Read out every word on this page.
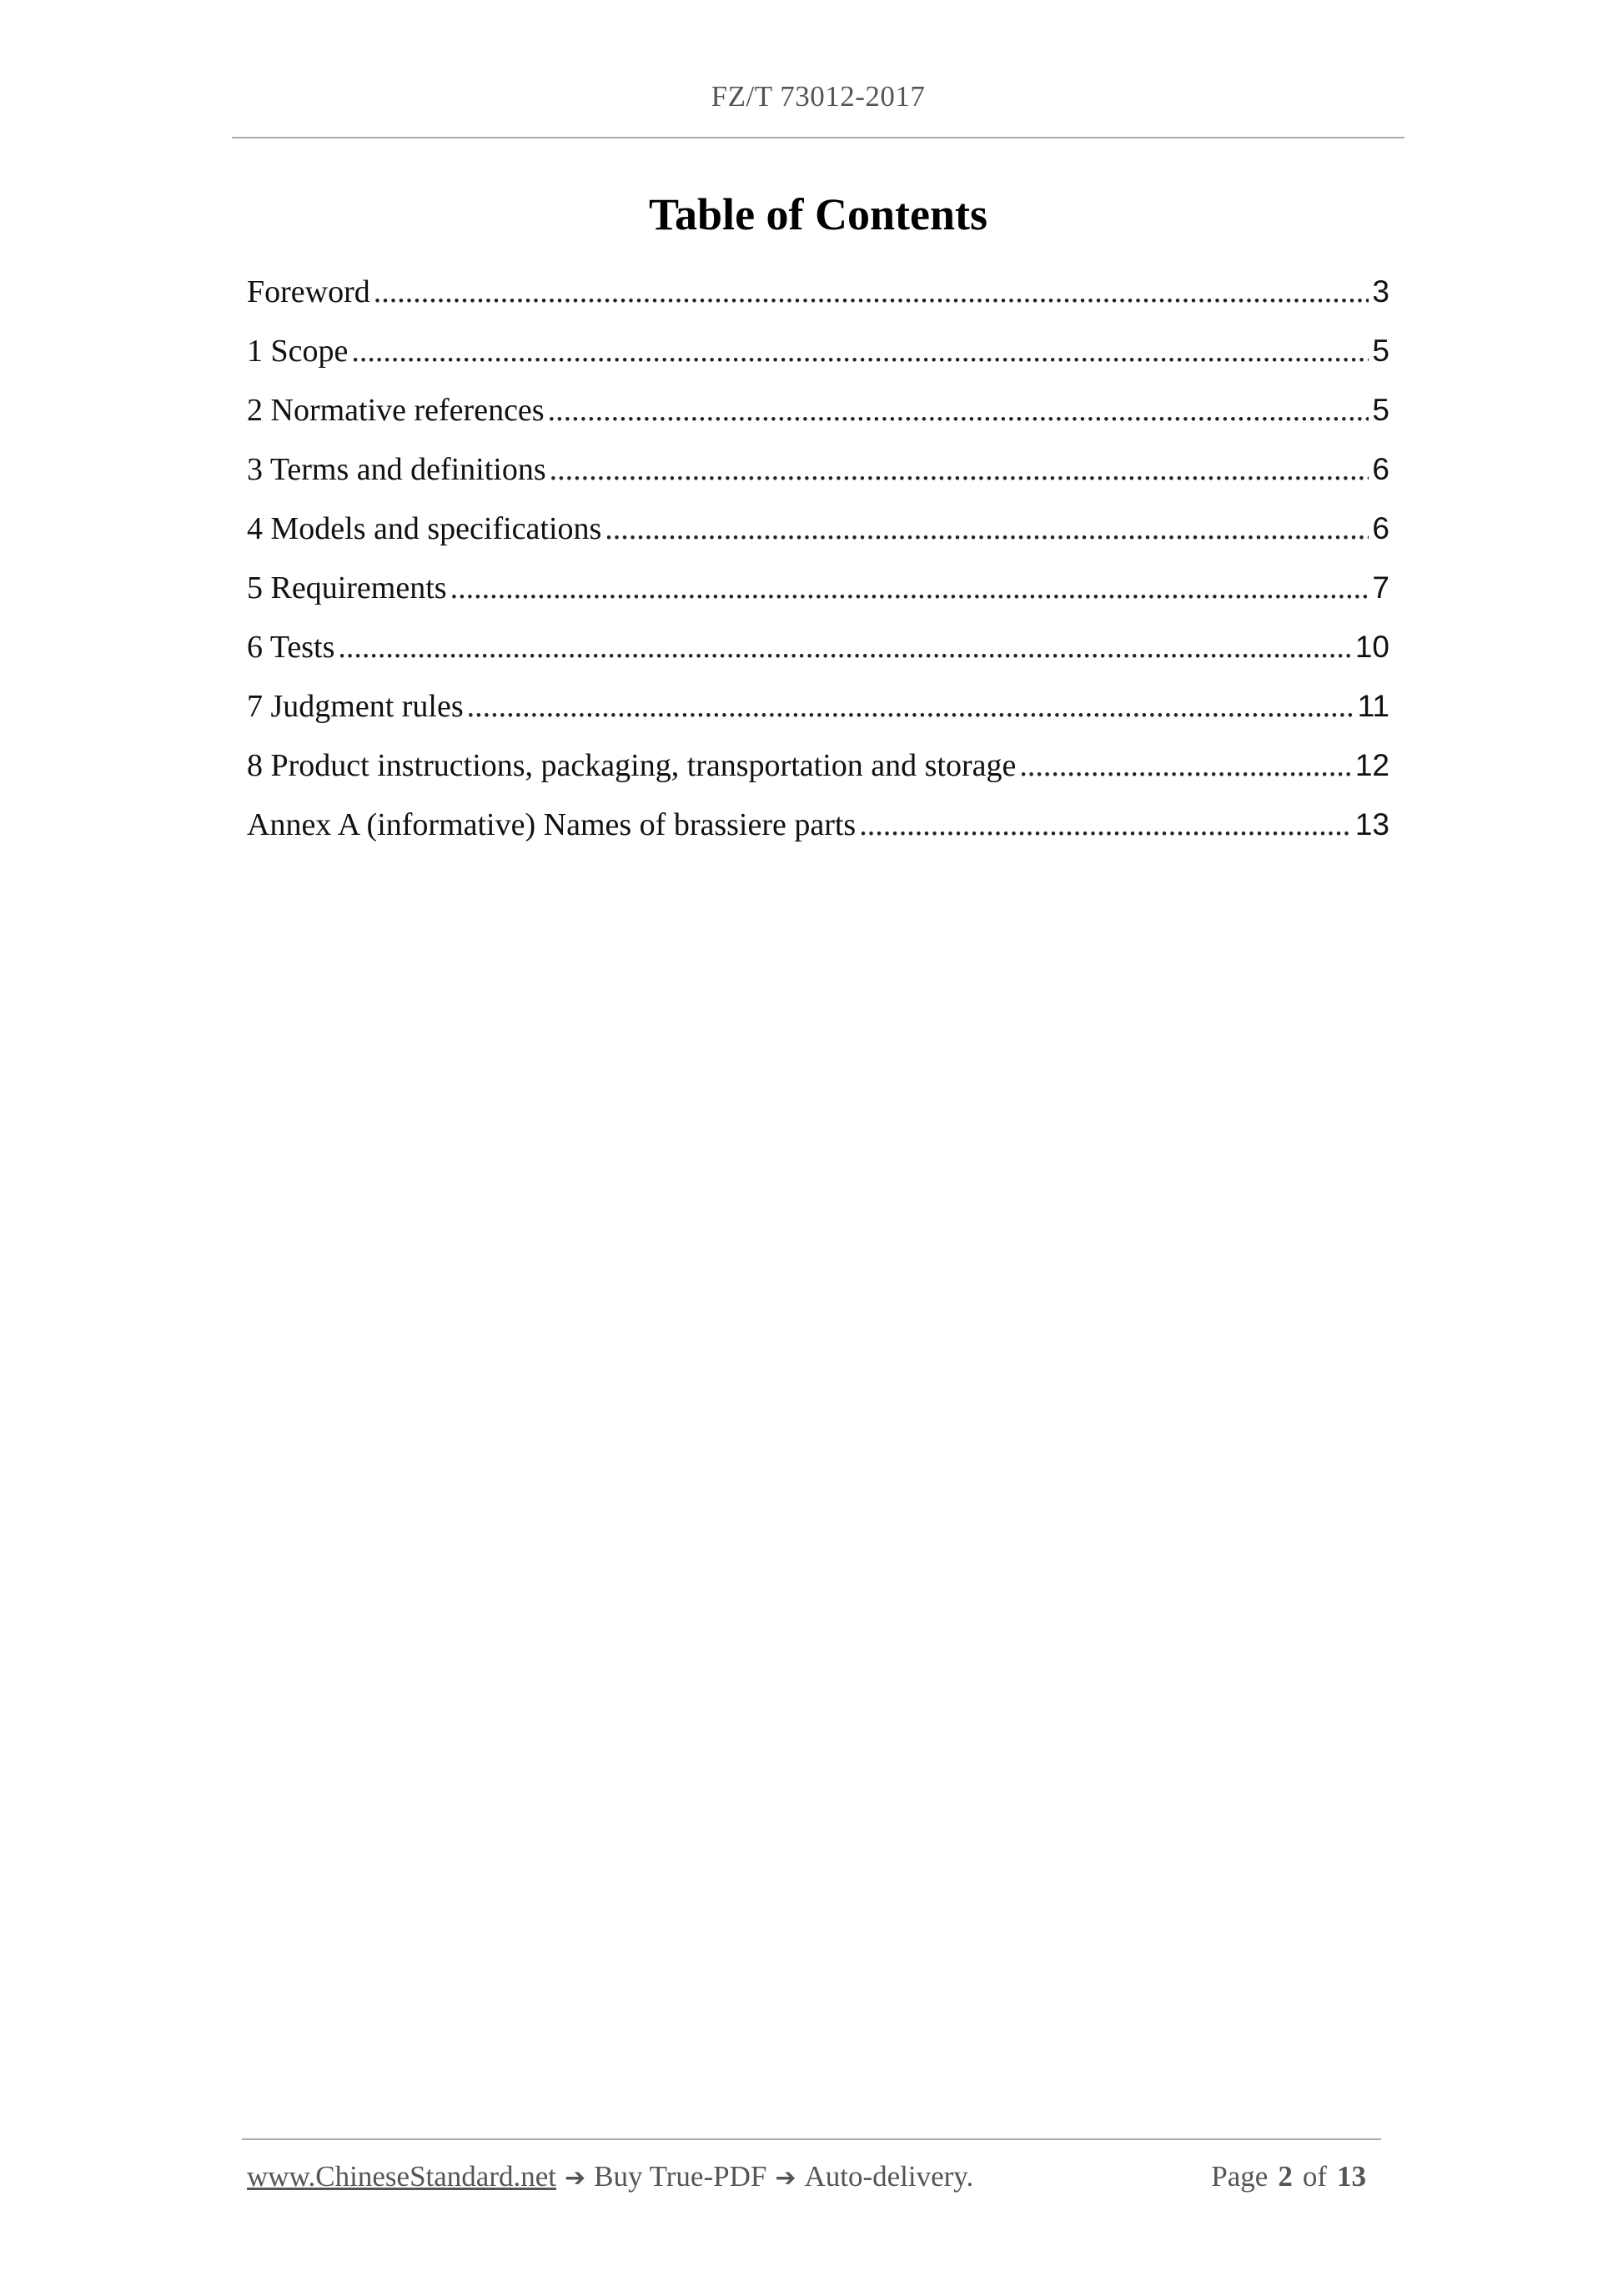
FZ/T 73012-2017
Table of Contents
Foreword .....	3
1 Scope .....	5
2 Normative references .....	5
3 Terms and definitions .....	6
4 Models and specifications .....	6
5 Requirements .....	7
6 Tests .....	10
7 Judgment rules .....	11
8 Product instructions, packaging, transportation and storage .....	12
Annex A (informative) Names of brassiere parts .....	13
www.ChineseStandard.net ➔ Buy True-PDF ➔ Auto-delivery.	Page 2 of 13
